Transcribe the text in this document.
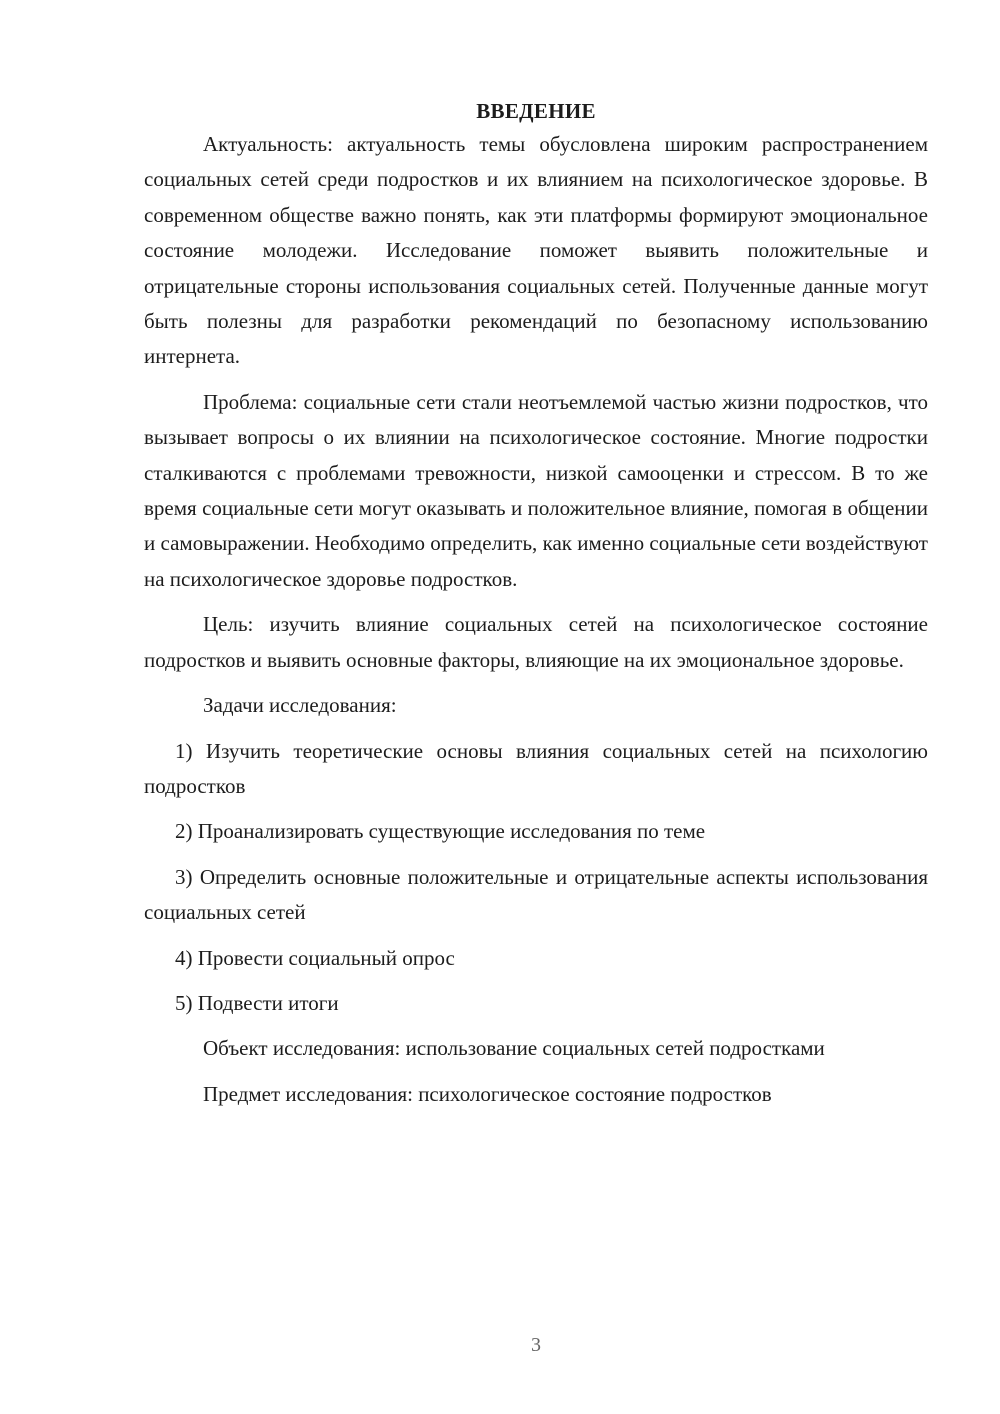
ВВЕДЕНИЕ

Актуальность: актуальность темы обусловлена широким распространением социальных сетей среди подростков и их влиянием на психологическое здоровье. В современном обществе важно понять, как эти платформы формируют эмоциональное состояние молодежи. Исследование поможет выявить положительные и отрицательные стороны использования социальных сетей. Полученные данные могут быть полезны для разработки рекомендаций по безопасному использованию интернета.

Проблема: социальные сети стали неотъемлемой частью жизни подростков, что вызывает вопросы о их влиянии на психологическое состояние. Многие подростки сталкиваются с проблемами тревожности, низкой самооценки и стрессом. В то же время социальные сети могут оказывать и положительное влияние, помогая в общении и самовыражении. Необходимо определить, как именно социальные сети воздействуют на психологическое здоровье подростков.

Цель: изучить влияние социальных сетей на психологическое состояние подростков и выявить основные факторы, влияющие на их эмоциональное здоровье.

Задачи исследования:

1) Изучить теоретические основы влияния социальных сетей на психологию подростков

2) Проанализировать существующие исследования по теме

3) Определить основные положительные и отрицательные аспекты использования социальных сетей

4) Провести социальный опрос

5) Подвести итоги

Объект исследования: использование социальных сетей подростками

Предмет исследования: психологическое состояние подростков

3
